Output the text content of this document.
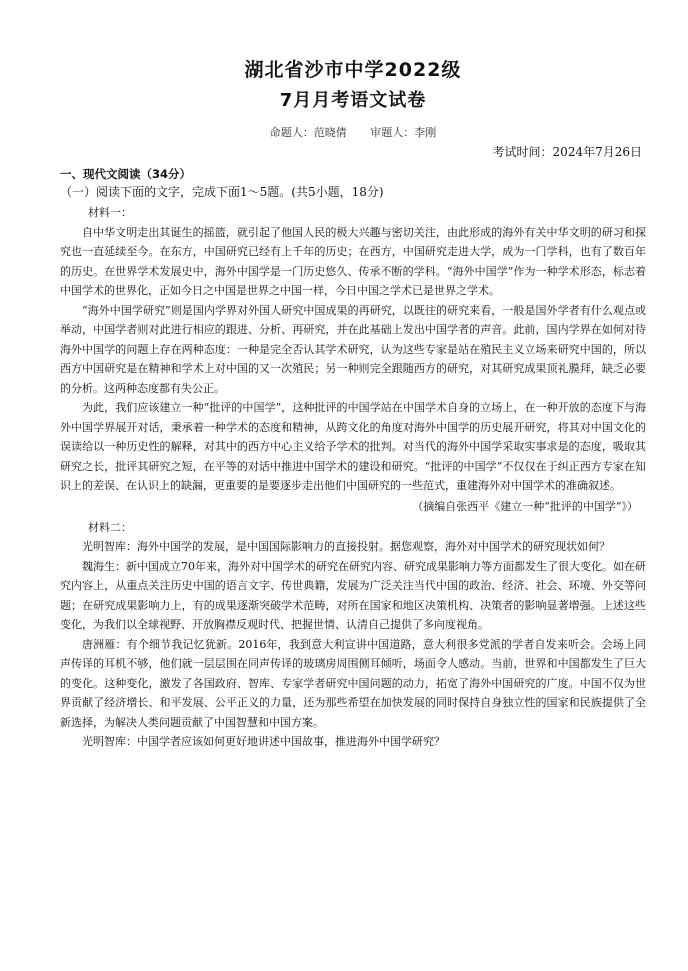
湖北省沙市中学2022级
7月月考语文试卷
命题人：范晓倩 审题人：李刚
考试时间：2024年7月26日
一、现代文阅读（34分）
（一）阅读下面的文字，完成下面1～5题。(共5小题，18分)
材料一：

自中华文明走出其诞生的摇篮，就引起了他国人民的极大兴趣与密切关注，由此形成的海外有关中华文明的研习和探究也一直延续至今。在东方，中国研究已经有上千年的历史；在西方，中国研究走进大学，成为一门学科，也有了数百年的历史。在世界学术发展史中，海外中国学是一门历史悠久、传承不断的学科。“海外中国学”作为一种学术形态，标志着中国学术的世界化，正如今日之中国是世界之中国一样，今日中国之学术已是世界之学术。

“海外中国学研究”则是国内学界对外国人研究中国成果的再研究，以既往的研究来看，一般是国外学者有什么观点或举动，中国学者则对此进行相应的跟进、分析、再研究，并在此基础上发出中国学者的声音。此前，国内学界在如何对待海外中国学的问题上存在两种态度：一种是完全否认其学术研究，认为这些专家是站在殖民主义立场来研究中国的，所以西方中国研究是在精神和学术上对中国的又一次殖民；另一种则完全跟随西方的研究，对其研究成果顶礼膜拜，缺乏必要的分析。这两种态度都有失公正。

为此，我们应该建立一种“批评的中国学”，这种批评的中国学站在中国学术自身的立场上，在一种开放的态度下与海外中国学界展开对话，秉承着一种学术的态度和精神，从跨文化的角度对海外中国学的历史展开研究，将其对中国文化的误读给以一种历史性的解释，对其中的西方中心主义给予学术的批判。对当代的海外中国学采取实事求是的态度，吸取其研究之长，批评其研究之短，在平等的对话中推进中国学术的建设和研究。“批评的中国学”不仅仅在于纠正西方专家在知识上的差误、在认识上的缺漏，更重要的是要逐步走出他们中国研究的一些范式，重建海外对中国学术的准确叙述。

（摘编自张西平《建立一种“批评的中国学”》）

材料二：

光明智库：海外中国学的发展，是中国国际影响力的直接投射。据您观察，海外对中国学术的研究现状如何？

魏海生：新中国成立70年来，海外对中国学术的研究在研究内容、研究成果影响力等方面都发生了很大变化。如在研究内容上，从重点关注历史中国的语言文字、传世典籍，发展为广泛关注当代中国的政治、经济、社会、环境、外交等问题；在研究成果影响力上，有的成果逐渐突破学术范畴，对所在国家和地区决策机构、决策者的影响显著增强。上述这些变化，为我们以全球视野、开放胸襟反观时代、把握世情、认清自己提供了多向度视角。

唐洲雁：有个细节我记忆犹新。2016年，我到意大利宣讲中国道路，意大利很多党派的学者自发来听会。会场上同声传译的耳机不够，他们就一层层围在同声传译的玻璃房周围侧耳倾听，场面令人感动。当前，世界和中国都发生了巨大的变化。这种变化，激发了各国政府、智库、专家学者研究中国问题的动力，拓宽了海外中国研究的广度。中国不仅为世界贡献了经济增长、和平发展、公平正义的力量，还为那些希望在加快发展的同时保持自身独立性的国家和民族提供了全新选择，为解决人类问题贡献了中国智慧和中国方案。

光明智库：中国学者应该如何更好地讲述中国故事，推进海外中国学研究？
